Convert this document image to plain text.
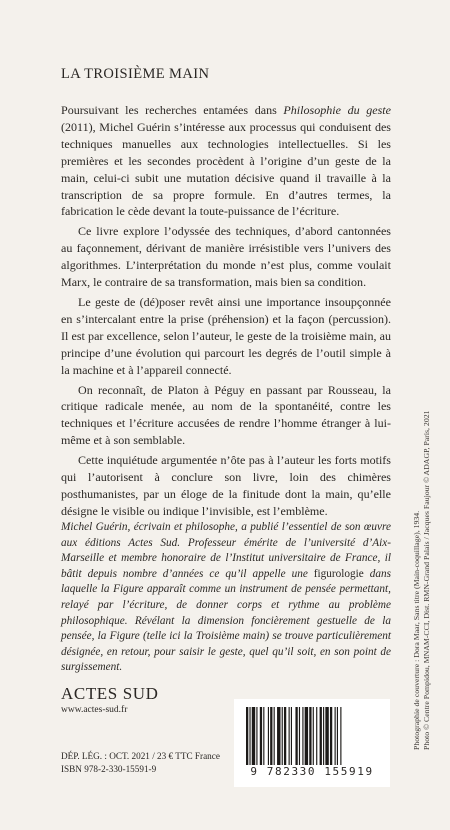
LA TROISIÈME MAIN

Poursuivant les recherches entamées dans Philosophie du geste (2011), Michel Guérin s’intéresse aux processus qui conduisent des techniques manuelles aux technologies intellectuelles. Si les premières et les secondes procèdent à l’origine d’un geste de la main, celui-ci subit une mutation décisive quand il travaille à la transcription de sa propre formule. En d’autres termes, la fabrication le cède devant la toute-puissance de l’écriture.

Ce livre explore l’odyssée des techniques, d’abord cantonnées au façonnement, dérivant de manière irrésistible vers l’univers des algorithmes. L’interprétation du monde n’est plus, comme voulait Marx, le contraire de sa transformation, mais bien sa condition.

Le geste de (dé)poser revêt ainsi une importance insoupçonnée en s’intercalant entre la prise (préhension) et la façon (percussion). Il est par excellence, selon l’auteur, le geste de la troisième main, au principe d’une évolution qui parcourt les degrés de l’outil simple à la machine et à l’appareil connecté.

On reconnaît, de Platon à Péguy en passant par Rousseau, la critique radicale menée, au nom de la spontanéité, contre les techniques et l’écriture accusées de rendre l’homme étranger à lui-même et à son semblable.

Cette inquiétude argumentée n’ôte pas à l’auteur les forts motifs qui l’autorisent à conclure son livre, loin des chimères posthumanistes, par un éloge de la finitude dont la main, qu’elle désigne le visible ou indique l’invisible, est l’emblème.

Michel Guérin, écrivain et philosophe, a publié l’essentiel de son œuvre aux éditions Actes Sud. Professeur émérite de l’université d’Aix-Marseille et membre honoraire de l’Institut universitaire de France, il bâtit depuis nombre d’années ce qu’il appelle une figurologie dans laquelle la Figure apparaît comme un instrument de pensée permettant, relayé par l’écriture, de donner corps et rythme au problème philosophique. Révélant la dimension foncièrement gestuelle de la pensée, la Figure (telle ici la Troisième main) se trouve particulièrement désignée, en retour, pour saisir le geste, quel qu’il soit, en son point de surgissement.
ACTES SUD
www.actes-sud.fr
DÉP. LÉG. : OCT. 2021 / 23 € TTC France
ISBN 978-2-330-15591-9	9 782330 155919
Photographie de couverture : Dora Maar, Sans titre (Main-coquillage), 1934. Photo © Centre Pompidou, MNAM-CCI, Dist. RMN-Grand Palais / Jacques Faujour © ADAGP, Paris, 2021
